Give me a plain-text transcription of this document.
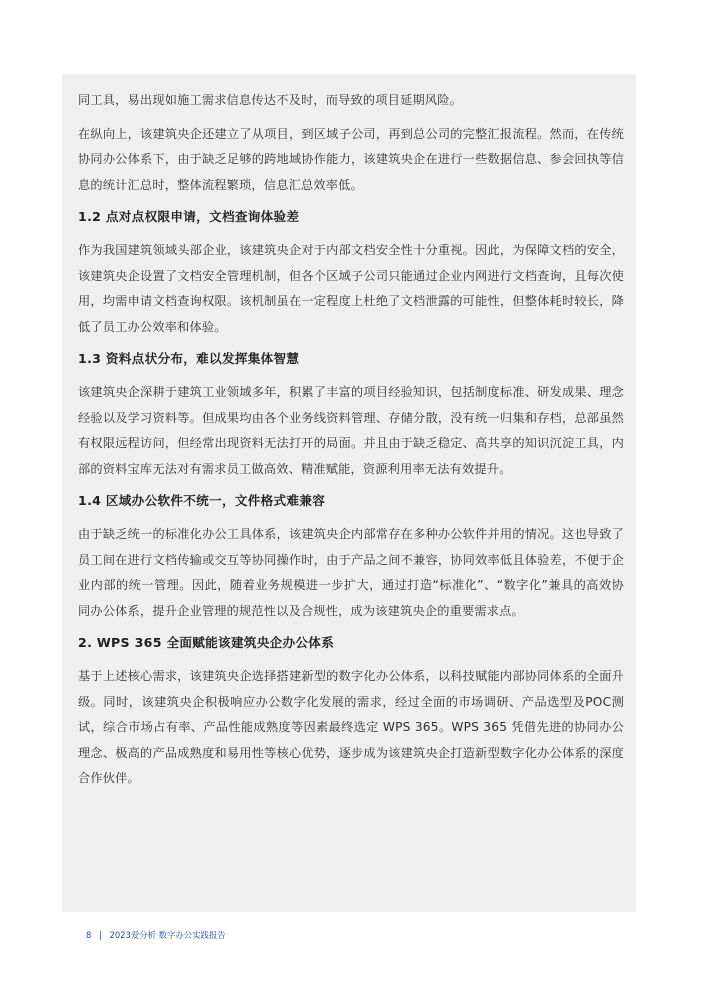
同工具，易出现如施工需求信息传达不及时，而导致的项目延期风险。

在纵向上，该建筑央企还建立了从项目，到区域子公司，再到总公司的完整汇报流程。然而，在传统协同办公体系下，由于缺乏足够的跨地域协作能力，该建筑央企在进行一些数据信息、参会回执等信息的统计汇总时，整体流程繁琐，信息汇总效率低。

1.2 点对点权限申请，文档查询体验差

作为我国建筑领域头部企业，该建筑央企对于内部文档安全性十分重视。因此，为保障文档的安全，该建筑央企设置了文档安全管理机制，但各个区域子公司只能通过企业内网进行文档查询，且每次使用，均需申请文档查询权限。该机制虽在一定程度上杜绝了文档泄露的可能性，但整体耗时较长，降低了员工办公效率和体验。

1.3 资料点状分布，难以发挥集体智慧

该建筑央企深耕于建筑工业领域多年，积累了丰富的项目经验知识，包括制度标准、研发成果、理念经验以及学习资料等。但成果均由各个业务线资料管理、存储分散，没有统一归集和存档，总部虽然有权限远程访问，但经常出现资料无法打开的局面。并且由于缺乏稳定、高共享的知识沉淀工具，内部的资料宝库无法对有需求员工做高效、精准赋能，资源利用率无法有效提升。

1.4 区域办公软件不统一，文件格式难兼容

由于缺乏统一的标准化办公工具体系，该建筑央企内部常存在多种办公软件并用的情况。这也导致了员工间在进行文档传输或交互等协同操作时，由于产品之间不兼容，协同效率低且体验差，不便于企业内部的统一管理。因此，随着业务规模进一步扩大，通过打造“标准化”、“数字化”兼具的高效协同办公体系，提升企业管理的规范性以及合规性，成为该建筑央企的重要需求点。

2. WPS 365 全面赋能该建筑央企办公体系

基于上述核心需求，该建筑央企选择搭建新型的数字化办公体系，以科技赋能内部协同体系的全面升级。同时，该建筑央企积极响应办公数字化发展的需求，经过全面的市场调研、产品选型及POC测试，综合市场占有率、产品性能成熟度等因素最终选定 WPS 365。WPS 365 凭借先进的协同办公理念、极高的产品成熟度和易用性等核心优势，逐步成为该建筑央企打造新型数字化办公体系的深度合作伙伴。

8 | 2023爱分析 数字办公实践报告
